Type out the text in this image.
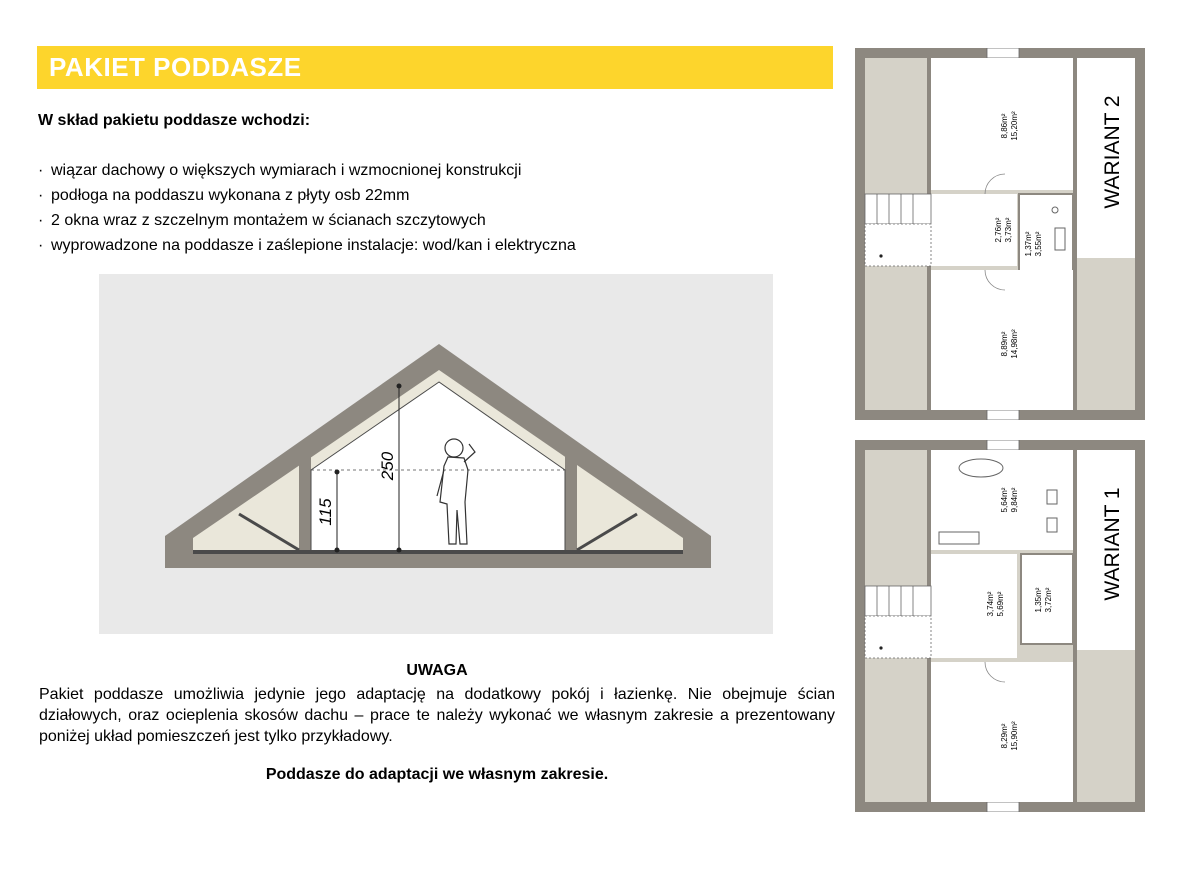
PAKIET PODDASZE
W skład pakietu poddasze wchodzi:
· wiązar dachowy o większych wymiarach i wzmocnionej konstrukcji
· podłoga na poddaszu wykonana z płyty osb 22mm
· 2 okna wraz z szczelnym montażem w ścianach szczytowych
· wyprowadzone na poddasze i zaślepione instalacje: wod/kan i elektryczna
250
115
UWAGA
Pakiet poddasze umożliwia jedynie jego adaptację na dodatkowy pokój i łazienkę. Nie obejmuje ścian działowych, oraz ocieplenia skosów dachu – prace te należy wykonać we własnym zakresie a prezentowany poniżej układ pomieszczeń jest tylko przykładowy.
Poddasze do adaptacji we własnym zakresie.
8,86m² 15,20m²
2,76m² 3,73m²
1,37m² 3,55m²
8,89m² 14,98m²
WARIANT 2
5,64m² 9,84m²
3,74m² 5,69m²	1,35m² 3,72m²
8,29m² 15,90m²
WARIANT 1
